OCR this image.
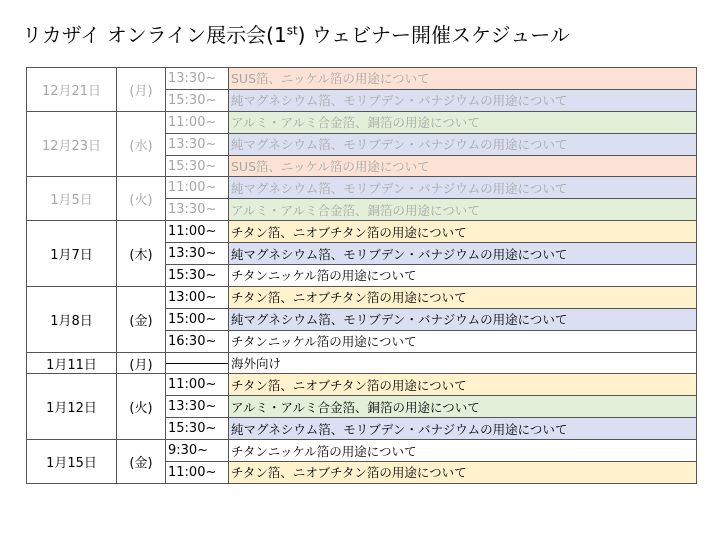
リカザイ オンライン展示会(1st) ウェビナー開催スケジュール
12月21日	(月)	13:30~	SUS箔、ニッケル箔の用途について
		15:30~	純マグネシウム箔、モリブデン・バナジウムの用途について
12月23日	(水)	11:00~	アルミ・アルミ合金箔、銅箔の用途について
		13:30~	純マグネシウム箔、モリブデン・バナジウムの用途について
		15:30~	SUS箔、ニッケル箔の用途について
1月5日	(火)	11:00~	純マグネシウム箔、モリブデン・バナジウムの用途について
		13:30~	アルミ・アルミ合金箔、銅箔の用途について
1月7日	(木)	11:00~	チタン箔、ニオブチタン箔の用途について
		13:30~	純マグネシウム箔、モリブデン・バナジウムの用途について
		15:30~	チタンニッケル箔の用途について
1月8日	(金)	13:00~	チタン箔、ニオブチタン箔の用途について
		15:00~	純マグネシウム箔、モリブデン・バナジウムの用途について
		16:30~	チタンニッケル箔の用途について
1月11日	(月)		海外向け

1月12日	(火)	11:00~	チタン箔、ニオブチタン箔の用途について
		13:30~	アルミ・アルミ合金箔、銅箔の用途について
		15:30~	純マグネシウム箔、モリブデン・バナジウムの用途について
1月15日	(金)	9:30~	チタンニッケル箔の用途について
		11:00~	チタン箔、ニオブチタン箔の用途について
